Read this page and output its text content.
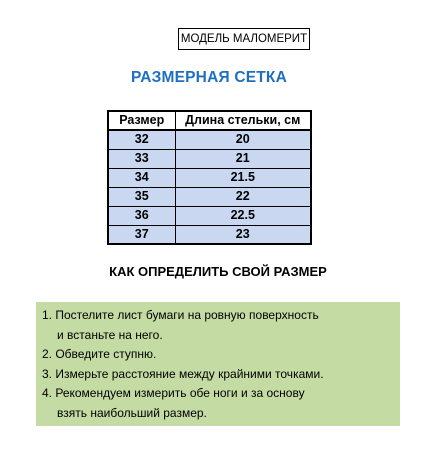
МОДЕЛЬ МАЛОМЕРИТ
РАЗМЕРНАЯ СЕТКА
Размер	Длина стельки, см
32	20
33	21
34	21.5
35	22
36	22.5
37	23
КАК ОПРЕДЕЛИТЬ СВОЙ РАЗМЕР
1. Постелите лист бумаги на ровную поверхность
и встаньте на него.
2. Обведите ступню.
3. Измерьте расстояние между крайними точками.
4. Рекомендуем измерить обе ноги и за основу
взять наибольший размер.
